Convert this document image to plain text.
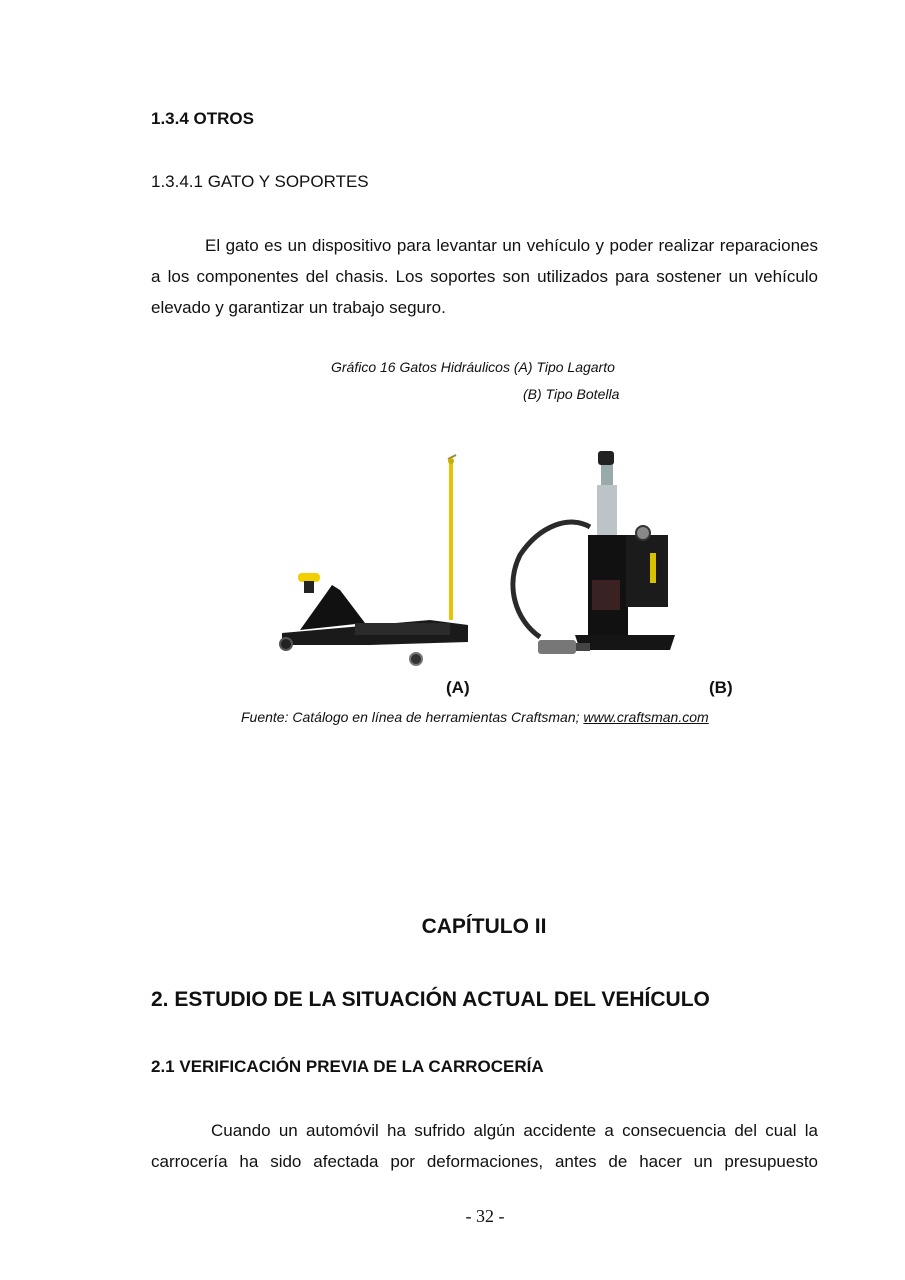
1.3.4 OTROS
1.3.4.1 GATO Y SOPORTES

El gato es un dispositivo para levantar un vehículo y poder realizar reparaciones a los componentes del chasis. Los soportes son utilizados para sostener un vehículo elevado y garantizar un trabajo seguro.

Gráfico 16 Gatos Hidráulicos (A) Tipo Lagarto
(B) Tipo Botella
(A)	(B)
Fuente: Catálogo en línea de herramientas Craftsman; www.craftsman.com
CAPÍTULO II
2. ESTUDIO DE LA SITUACIÓN ACTUAL DEL VEHÍCULO
2.1 VERIFICACIÓN PREVIA DE LA CARROCERÍA

Cuando un automóvil ha sufrido algún accidente a consecuencia del cual la carrocería ha sido afectada por deformaciones, antes de hacer un presupuesto

- 32 -
